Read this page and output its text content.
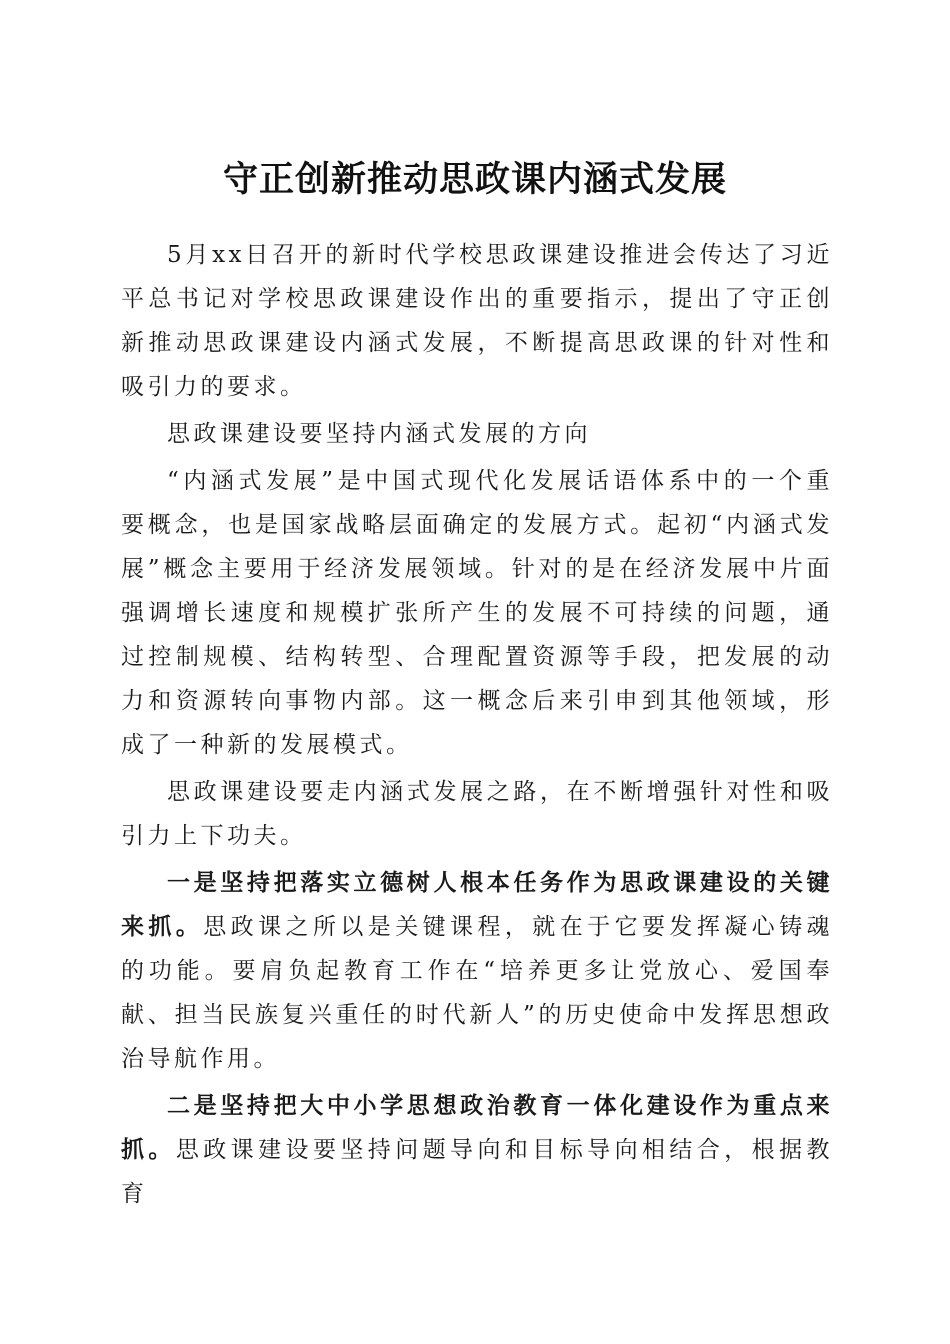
守正创新推动思政课内涵式发展

5月xx日召开的新时代学校思政课建设推进会传达了习近平总书记对学校思政课建设作出的重要指示，提出了守正创新推动思政课建设内涵式发展，不断提高思政课的针对性和吸引力的要求。

思政课建设要坚持内涵式发展的方向

“内涵式发展”是中国式现代化发展话语体系中的一个重要概念，也是国家战略层面确定的发展方式。起初“内涵式发展”概念主要用于经济发展领域。针对的是在经济发展中片面强调增长速度和规模扩张所产生的发展不可持续的问题，通过控制规模、结构转型、合理配置资源等手段，把发展的动力和资源转向事物内部。这一概念后来引申到其他领域，形成了一种新的发展模式。

思政课建设要走内涵式发展之路，在不断增强针对性和吸引力上下功夫。

一是坚持把落实立德树人根本任务作为思政课建设的关键来抓。思政课之所以是关键课程，就在于它要发挥凝心铸魂的功能。要肩负起教育工作在“培养更多让党放心、爱国奉献、担当民族复兴重任的时代新人”的历史使命中发挥思想政治导航作用。

二是坚持把大中小学思想政治教育一体化建设作为重点来抓。思政课建设要坚持问题导向和目标导向相结合，根据教育
